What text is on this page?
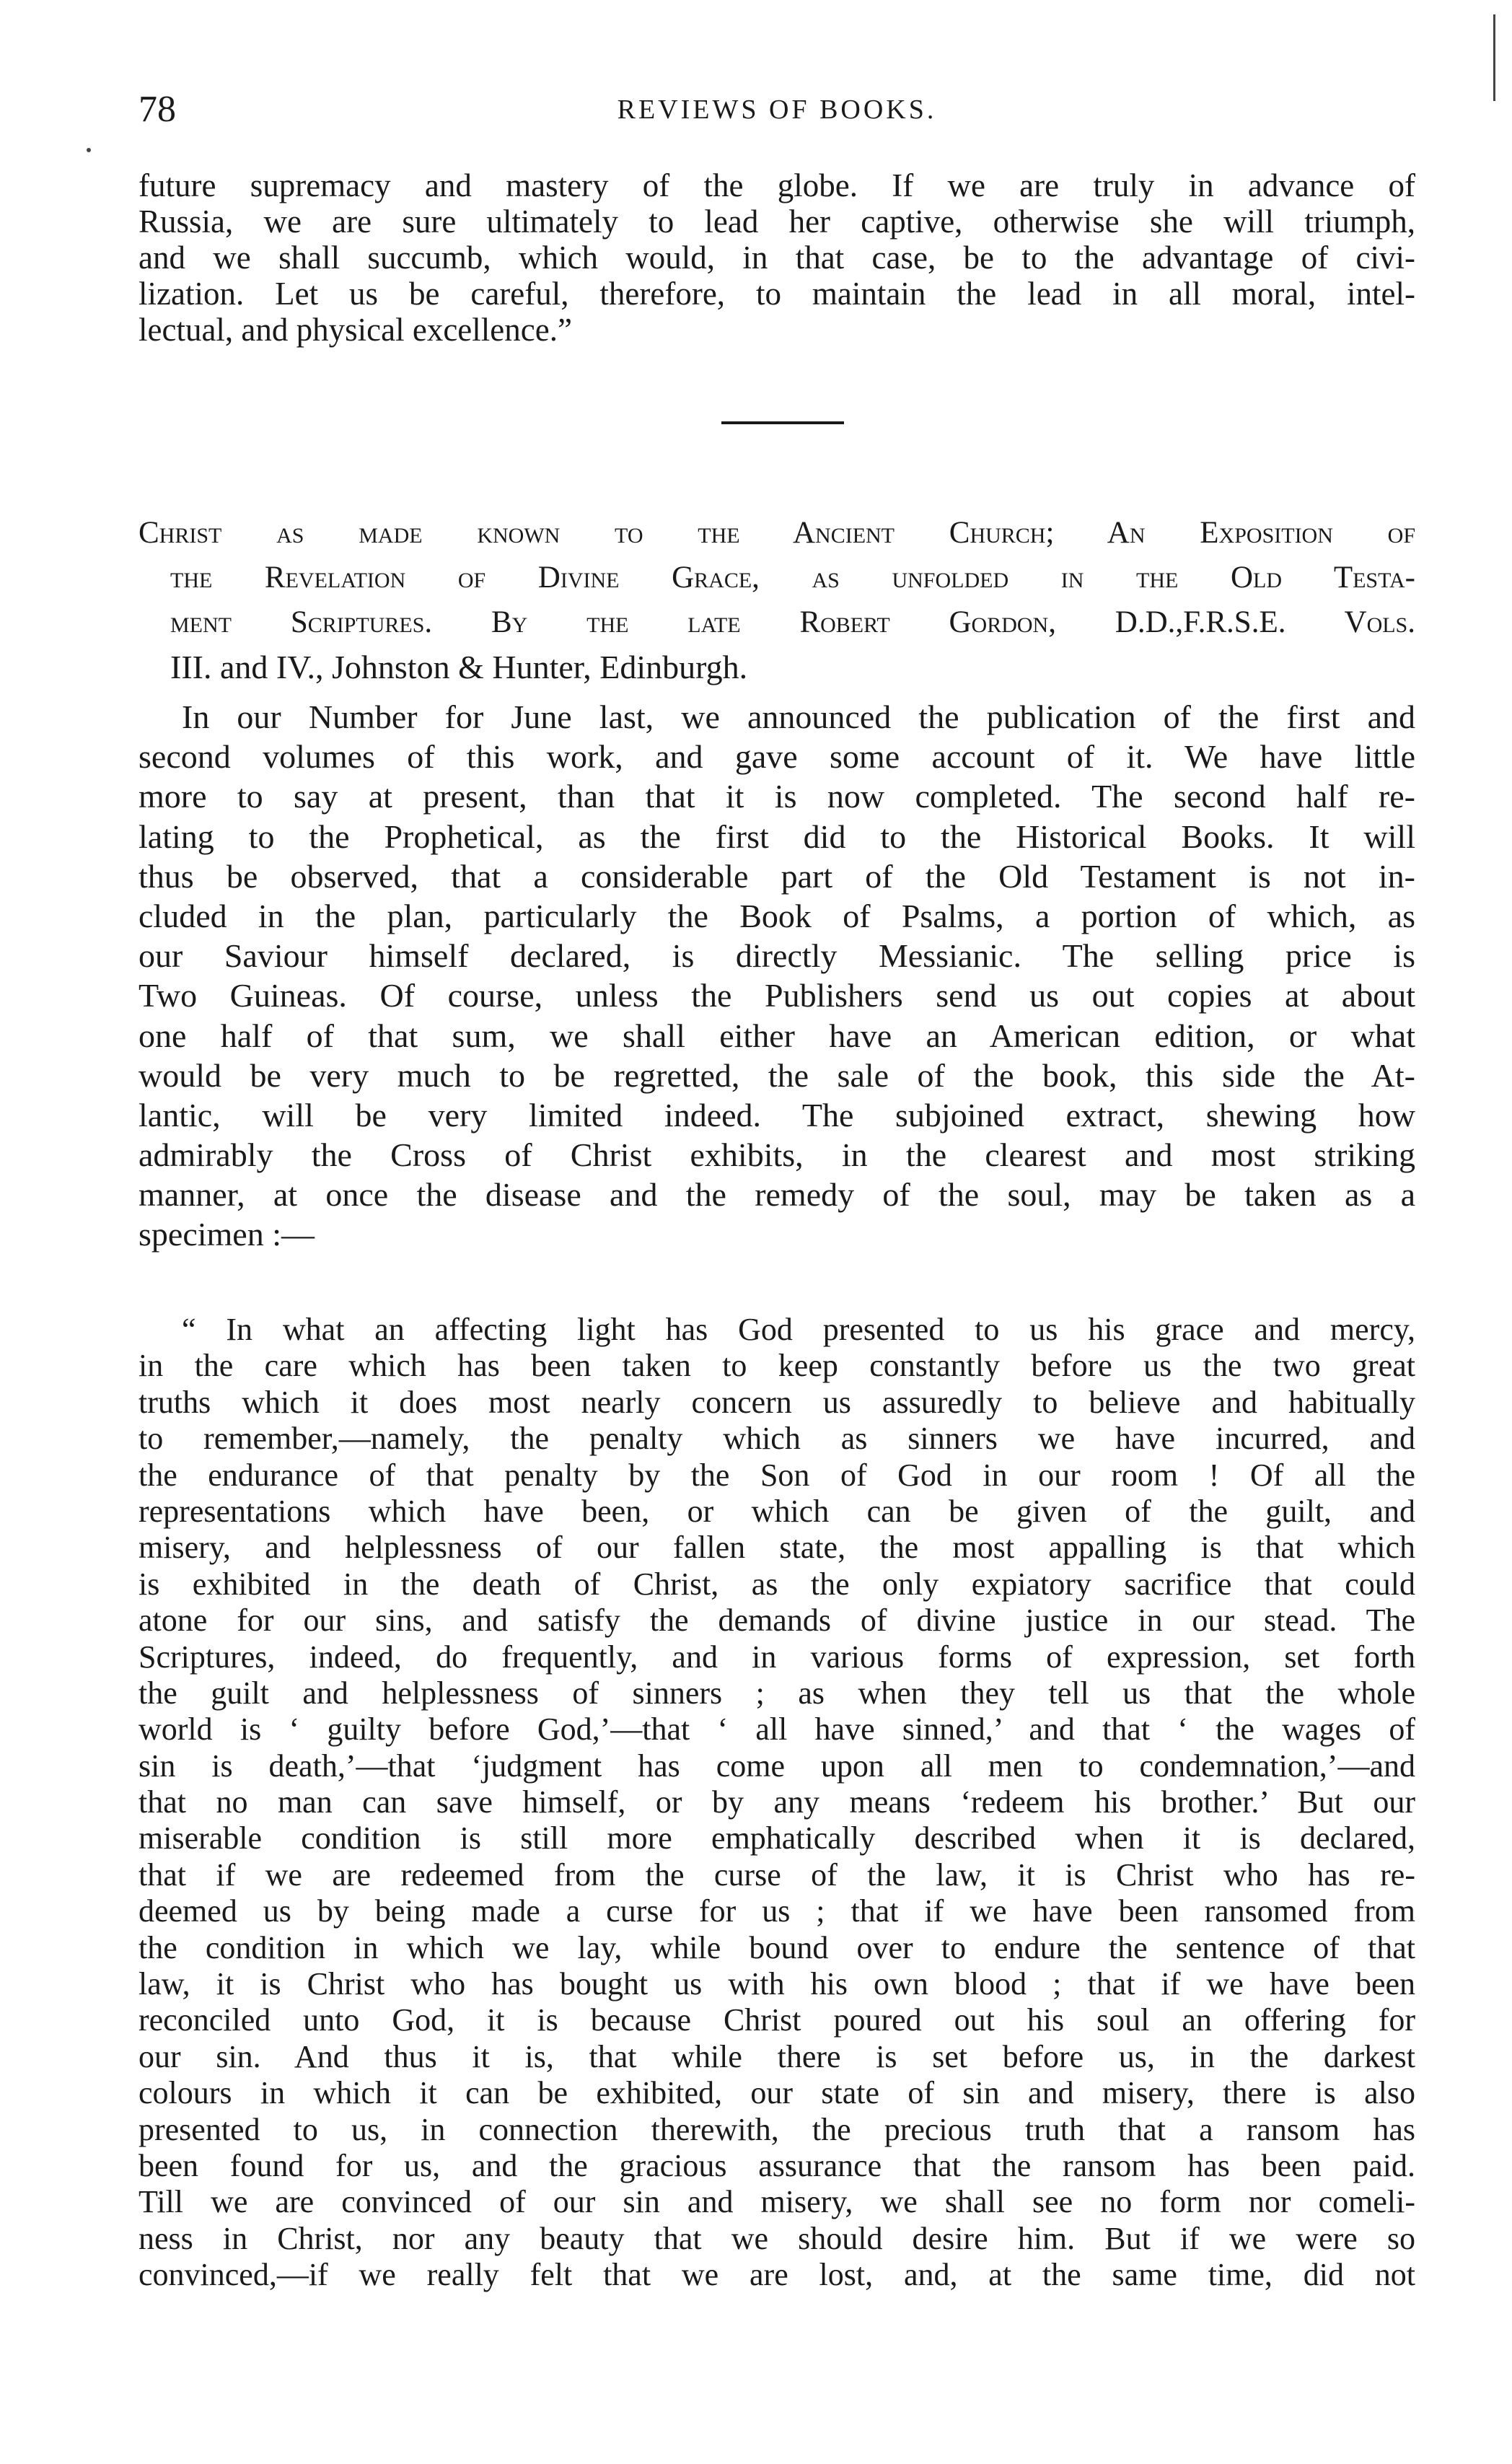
78	REVIEWS OF BOOKS.
future supremacy and mastery of the globe. If we are truly in advance of
Russia, we are sure ultimately to lead her captive, otherwise she will triumph,
and we shall succumb, which would, in that case, be to the advantage of civi-
lization. Let us be careful, therefore, to maintain the lead in all moral, intel-
lectual, and physical excellence.”
Christ as made known to the Ancient Church; An Exposition of
the Revelation of Divine Grace, as unfolded in the Old Testa-
ment Scriptures. By the late Robert Gordon, D.D.,F.R.S.E. Vols.
III. and IV., Johnston & Hunter, Edinburgh.
In our Number for June last, we announced the publication of the first and
second volumes of this work, and gave some account of it. We have little
more to say at present, than that it is now completed. The second half re-
lating to the Prophetical, as the first did to the Historical Books. It will
thus be observed, that a considerable part of the Old Testament is not in-
cluded in the plan, particularly the Book of Psalms, a portion of which, as
our Saviour himself declared, is directly Messianic. The selling price is
Two Guineas. Of course, unless the Publishers send us out copies at about
one half of that sum, we shall either have an American edition, or what
would be very much to be regretted, the sale of the book, this side the At-
lantic, will be very limited indeed. The subjoined extract, shewing how
admirably the Cross of Christ exhibits, in the clearest and most striking
manner, at once the disease and the remedy of the soul, may be taken as a
specimen :—
“ In what an affecting light has God presented to us his grace and mercy,
in the care which has been taken to keep constantly before us the two great
truths which it does most nearly concern us assuredly to believe and habitually
to remember,—namely, the penalty which as sinners we have incurred, and
the endurance of that penalty by the Son of God in our room ! Of all the
representations which have been, or which can be given of the guilt, and
misery, and helplessness of our fallen state, the most appalling is that which
is exhibited in the death of Christ, as the only expiatory sacrifice that could
atone for our sins, and satisfy the demands of divine justice in our stead. The
Scriptures, indeed, do frequently, and in various forms of expression, set forth
the guilt and helplessness of sinners ; as when they tell us that the whole
world is ‘ guilty before God,’—that ‘ all have sinned,’ and that ‘ the wages of
sin is death,’—that ‘judgment has come upon all men to condemnation,’—and
that no man can save himself, or by any means ‘redeem his brother.’ But our
miserable condition is still more emphatically described when it is declared,
that if we are redeemed from the curse of the law, it is Christ who has re-
deemed us by being made a curse for us ; that if we have been ransomed from
the condition in which we lay, while bound over to endure the sentence of that
law, it is Christ who has bought us with his own blood ; that if we have been
reconciled unto God, it is because Christ poured out his soul an offering for
our sin. And thus it is, that while there is set before us, in the darkest
colours in which it can be exhibited, our state of sin and misery, there is also
presented to us, in connection therewith, the precious truth that a ransom has
been found for us, and the gracious assurance that the ransom has been paid.
Till we are convinced of our sin and misery, we shall see no form nor comeli-
ness in Christ, nor any beauty that we should desire him. But if we were so
convinced,—if we really felt that we are lost, and, at the same time, did not
